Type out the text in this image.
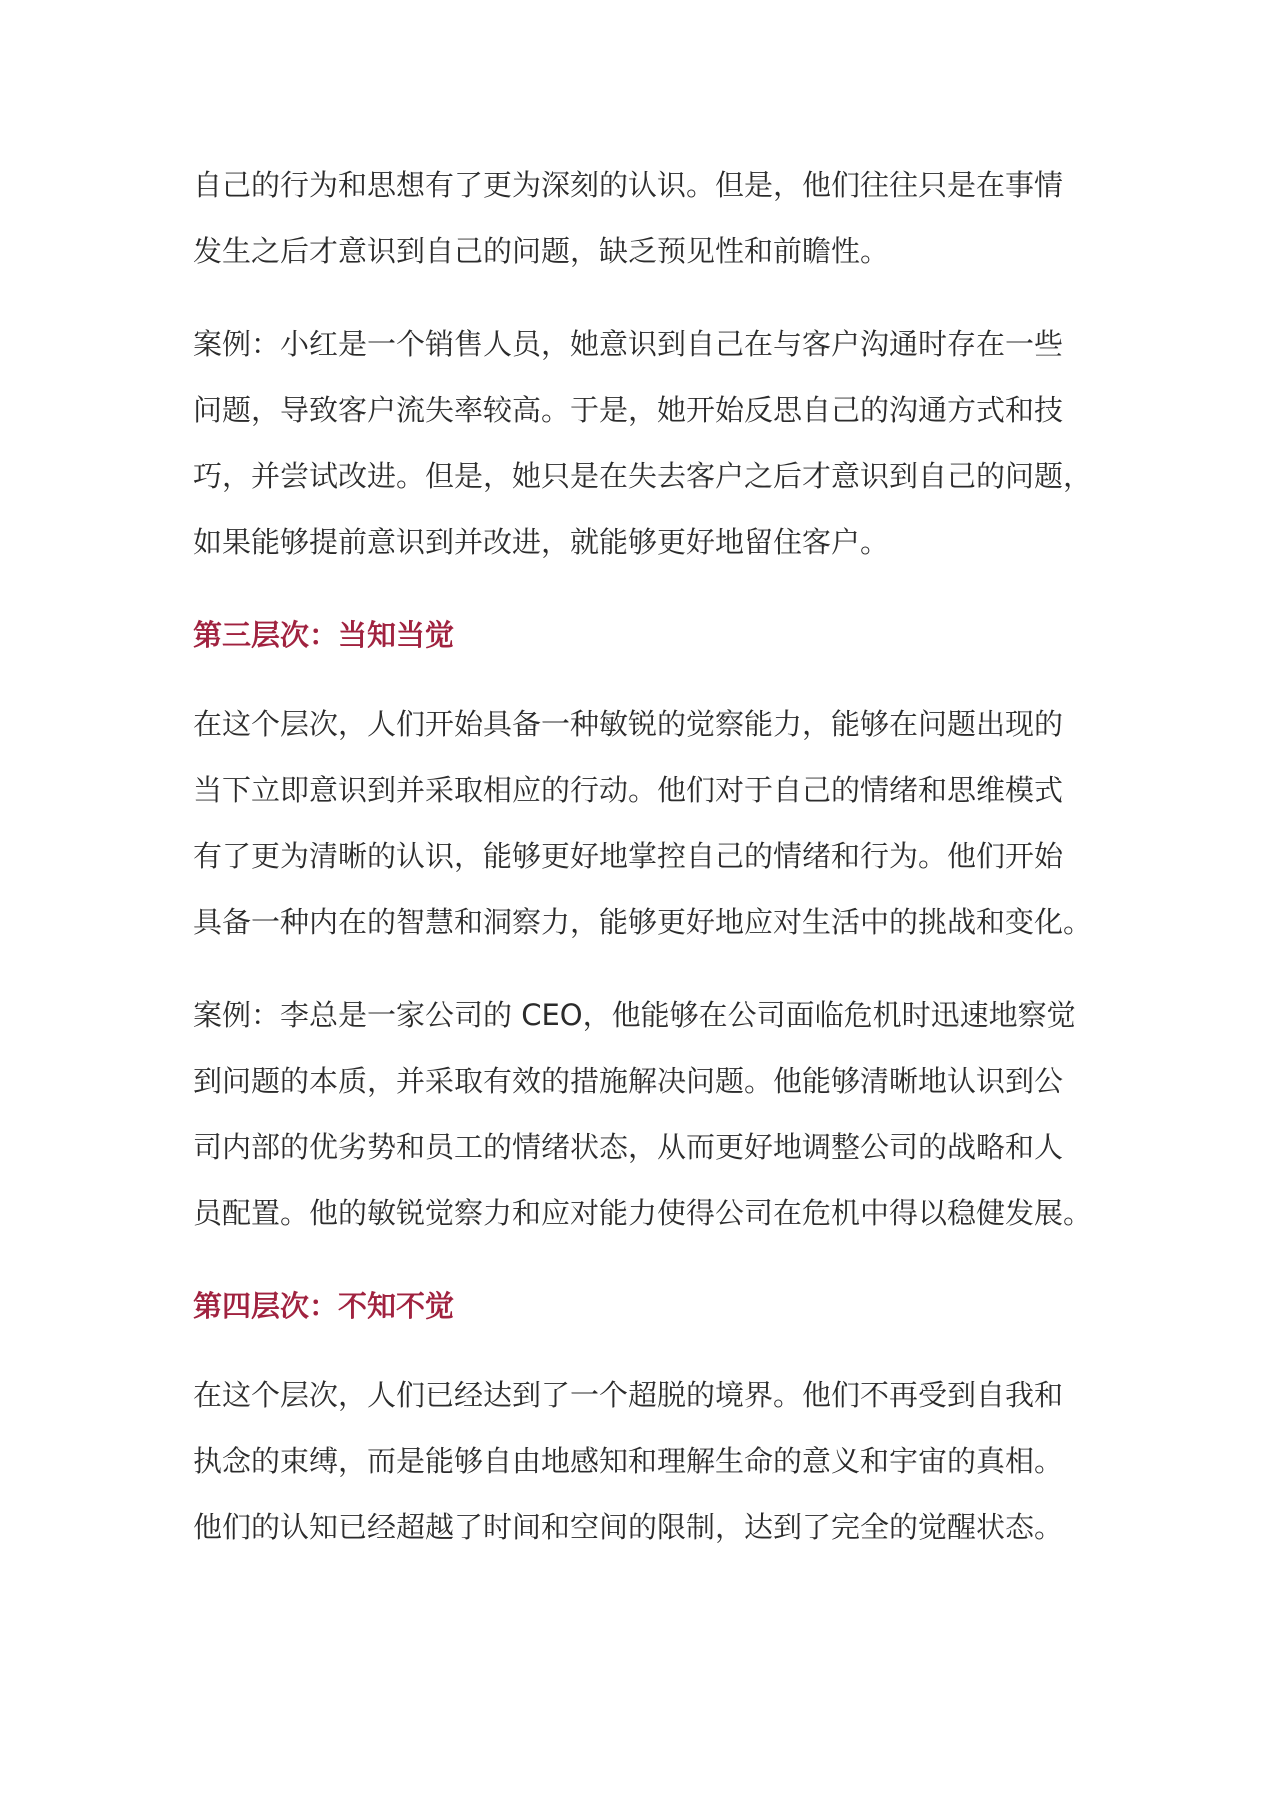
自己的行为和思想有了更为深刻的认识。但是，他们往往只是在事情
发生之后才意识到自己的问题，缺乏预见性和前瞻性。
案例：小红是一个销售人员，她意识到自己在与客户沟通时存在一些
问题，导致客户流失率较高。于是，她开始反思自己的沟通方式和技
巧，并尝试改进。但是，她只是在失去客户之后才意识到自己的问题，
如果能够提前意识到并改进，就能够更好地留住客户。
第三层次：当知当觉
在这个层次，人们开始具备一种敏锐的觉察能力，能够在问题出现的
当下立即意识到并采取相应的行动。他们对于自己的情绪和思维模式
有了更为清晰的认识，能够更好地掌控自己的情绪和行为。他们开始
具备一种内在的智慧和洞察力，能够更好地应对生活中的挑战和变化。
案例：李总是一家公司的 CEO，他能够在公司面临危机时迅速地察觉
到问题的本质，并采取有效的措施解决问题。他能够清晰地认识到公
司内部的优劣势和员工的情绪状态，从而更好地调整公司的战略和人
员配置。他的敏锐觉察力和应对能力使得公司在危机中得以稳健发展。
第四层次：不知不觉
在这个层次，人们已经达到了一个超脱的境界。他们不再受到自我和
执念的束缚，而是能够自由地感知和理解生命的意义和宇宙的真相。
他们的认知已经超越了时间和空间的限制，达到了完全的觉醒状态。
